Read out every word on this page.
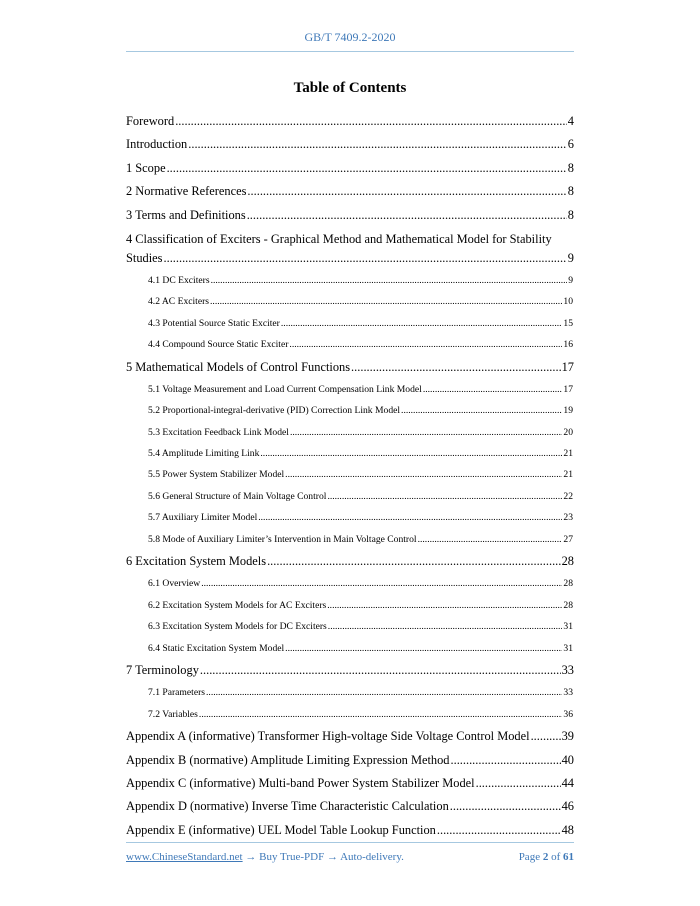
GB/T 7409.2-2020
Table of Contents
Foreword .....	4
Introduction .....	6
1 Scope .....	8
2 Normative References .....	8
3 Terms and Definitions .....	8
4 Classification of Exciters - Graphical Method and Mathematical Model for Stability
Studies .....	9
4.1 DC Exciters .....	9
4.2 AC Exciters .....	10
4.3 Potential Source Static Exciter .....	15
4.4 Compound Source Static Exciter .....	16
5 Mathematical Models of Control Functions .....	17
5.1 Voltage Measurement and Load Current Compensation Link Model .....	17
5.2 Proportional-integral-derivative (PID) Correction Link Model .....	19
5.3 Excitation Feedback Link Model .....	20
5.4 Amplitude Limiting Link .....	21
5.5 Power System Stabilizer Model .....	21
5.6 General Structure of Main Voltage Control .....	22
5.7 Auxiliary Limiter Model .....	23
5.8 Mode of Auxiliary Limiter’s Intervention in Main Voltage Control .....	27
6 Excitation System Models .....	28
6.1 Overview .....	28
6.2 Excitation System Models for AC Exciters .....	28
6.3 Excitation System Models for DC Exciters .....	31
6.4 Static Excitation System Model .....	31
7 Terminology .....	33
7.1 Parameters .....	33
7.2 Variables .....	36
Appendix A (informative) Transformer High-voltage Side Voltage Control Model .....	39
Appendix B (normative) Amplitude Limiting Expression Method .....	40
Appendix C (informative) Multi-band Power System Stabilizer Model .....	44
Appendix D (normative) Inverse Time Characteristic Calculation .....	46
Appendix E (informative) UEL Model Table Lookup Function .....	48
www.ChineseStandard.net → Buy True-PDF → Auto-delivery.	Page 2 of 61
